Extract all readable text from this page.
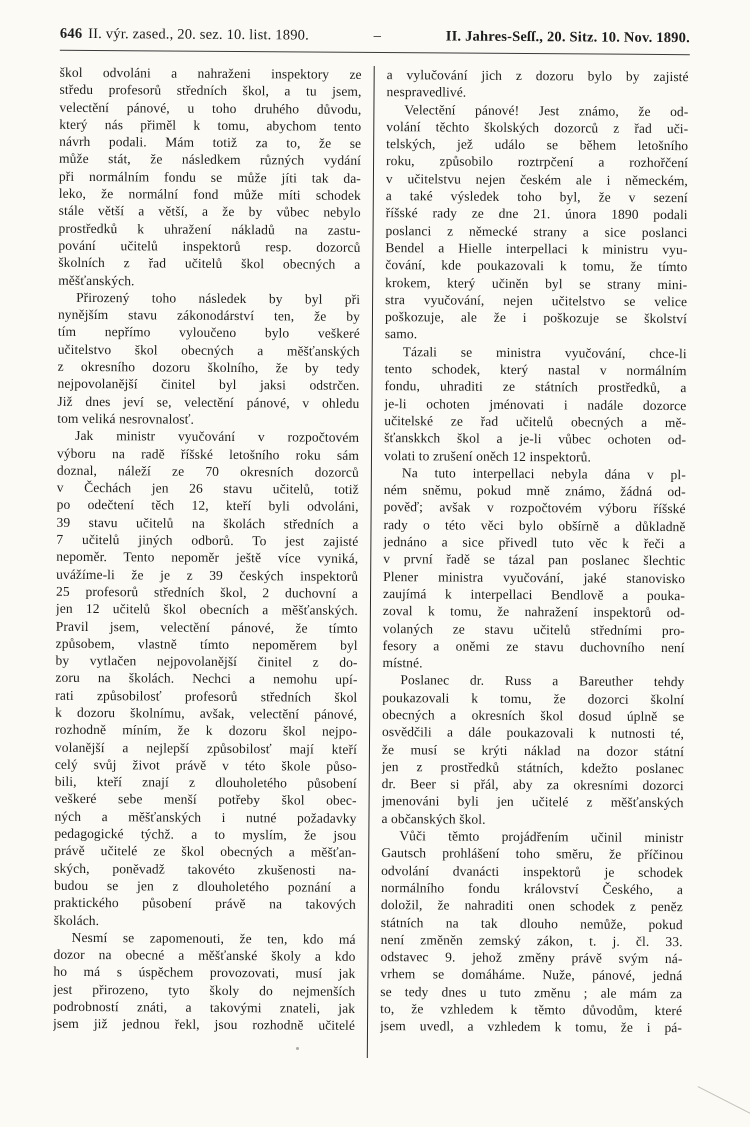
646 II. výr. zased., 20. sez. 10. list. 1890.	–	II. Jahres-Seſſ., 20. Sitz. 10. Nov. 1890.
škol odvoláni a nahraženi inspektory ze
středu profesorů středních škol, a tu jsem,
velectění pánové, u toho druhého důvodu,
který nás přiměl k tomu, abychom tento
návrh podali. Mám totiž za to, že se
může stát, že následkem různých vydání
při normálním fondu se může jíti tak da-
leko, že normální fond může míti schodek
stále větší a větší, a že by vůbec nebylo
prostředků k uhražení nákladů na zastu-
pování učitelů inspektorů resp. dozorců
školních z řad učitelů škol obecných a
měšťanských.
Přirozený toho následek by byl při
nynějším stavu zákonodárství ten, že by
tím nepřímo vyloučeno bylo veškeré
učitelstvo škol obecných a měšťanských
z okresního dozoru školního, že by tedy
nejpovolanější činitel byl jaksi odstrčen.
Již dnes jeví se, velectění pánové, v ohledu
tom veliká nesrovnalosť.
Jak ministr vyučování v rozpočtovém
výboru na radě říšské letošního roku sám
doznal, náleží ze 70 okresních dozorců
v Čechách jen 26 stavu učitelů, totiž
po odečtení těch 12, kteří byli odvoláni,
39 stavu učitelů na školách středních a
7 učitelů jiných odborů. To jest zajisté
nepoměr. Tento nepoměr ještě více vyniká,
uvážíme-li že je z 39 českých inspektorů
25 profesorů středních škol, 2 duchovní a
jen 12 učitelů škol obecních a měšťanských.
Pravil jsem, velectění pánové, že tímto
způsobem, vlastně tímto nepoměrem byl
by vytlačen nejpovolanější činitel z do-
zoru na školách. Nechci a nemohu upí-
rati způsobilosť profesorů středních škol
k dozoru školnímu, avšak, velectění pánové,
rozhodně míním, že k dozoru škol nejpo-
volanější a nejlepší způsobilosť mají kteří
celý svůj život právě v této škole půso-
bili, kteří znají z dlouholetého působení
veškeré sebe menší potřeby škol obec-
ných a měšťanských i nutné požadavky
pedagogické týchž. a to myslím, že jsou
právě učitelé ze škol obecných a měšťan-
ských, poněvadž takovéto zkušenosti na-
budou se jen z dlouholetého poznání a
praktického působení právě na takových
školách.
Nesmí se zapomenouti, že ten, kdo má
dozor na obecné a měšťanské školy a kdo
ho má s úspěchem provozovati, musí jak
jest přirozeno, tyto školy do nejmenších
podrobností znáti, a takovými znateli, jak
jsem již jednou řekl, jsou rozhodně učitelé
a vylučování jich z dozoru bylo by zajisté
nespravedlivé.
Velectění pánové! Jest známo, že od-
volání těchto školských dozorců z řad uči-
telských, jež událo se během letošního
roku, způsobilo roztrpčení a rozhořčení
v učitelstvu nejen českém ale i německém,
a také výsledek toho byl, že v sezení
říšské rady ze dne 21. února 1890 podali
poslanci z německé strany a sice poslanci
Bendel a Hielle interpellaci k ministru vyu-
čování, kde poukazovali k tomu, že tímto
krokem, který učiněn byl se strany mini-
stra vyučování, nejen učitelstvo se velice
poškozuje, ale že i poškozuje se školství
samo.
Tázali se ministra vyučování, chce-li
tento schodek, který nastal v normálním
fondu, uhraditi ze státních prostředků, a
je-li ochoten jménovati i nadále dozorce
učitelské ze řad učitelů obecných a mě-
šťanskkch škol a je-li vůbec ochoten od-
volati to zrušení oněch 12 inspektorů.
Na tuto interpellaci nebyla dána v pl-
ném sněmu, pokud mně známo, žádná od-
pověď; avšak v rozpočtovém výboru říšské
rady o této věci bylo obšírně a důkladně
jednáno a sice přivedl tuto věc k řeči a
v první řadě se tázal pan poslanec šlechtic
Plener ministra vyučování, jaké stanovisko
zaujímá k interpellaci Bendlově a pouka-
zoval k tomu, že nahražení inspektorů od-
volaných ze stavu učitelů středními pro-
fesory a oněmi ze stavu duchovního není
místné.
Poslanec dr. Russ a Bareuther tehdy
poukazovali k tomu, že dozorci školní
obecných a okresních škol dosud úplně se
osvědčili a dále poukazovali k nutnosti té,
že musí se krýti náklad na dozor státní
jen z prostředků státních, kdežto poslanec
dr. Beer si přál, aby za okresními dozorci
jmenováni byli jen učitelé z měšťanských
a občanských škol.
Vůči těmto projádřením učinil ministr
Gautsch prohlášení toho směru, že příčinou
odvolání dvanácti inspektorů je schodek
normálního fondu království Českého, a
doložil, že nahraditi onen schodek z peněz
státních na tak dlouho nemůže, pokud
není změněn zemský zákon, t. j. čl. 33.
odstavec 9. jehož změny právě svým ná-
vrhem se domáháme. Nuže, pánové, jedná
se tedy dnes u tuto změnu ; ale mám za
to, že vzhledem k těmto důvodům, které
jsem uvedl, a vzhledem k tomu, že i pá-
